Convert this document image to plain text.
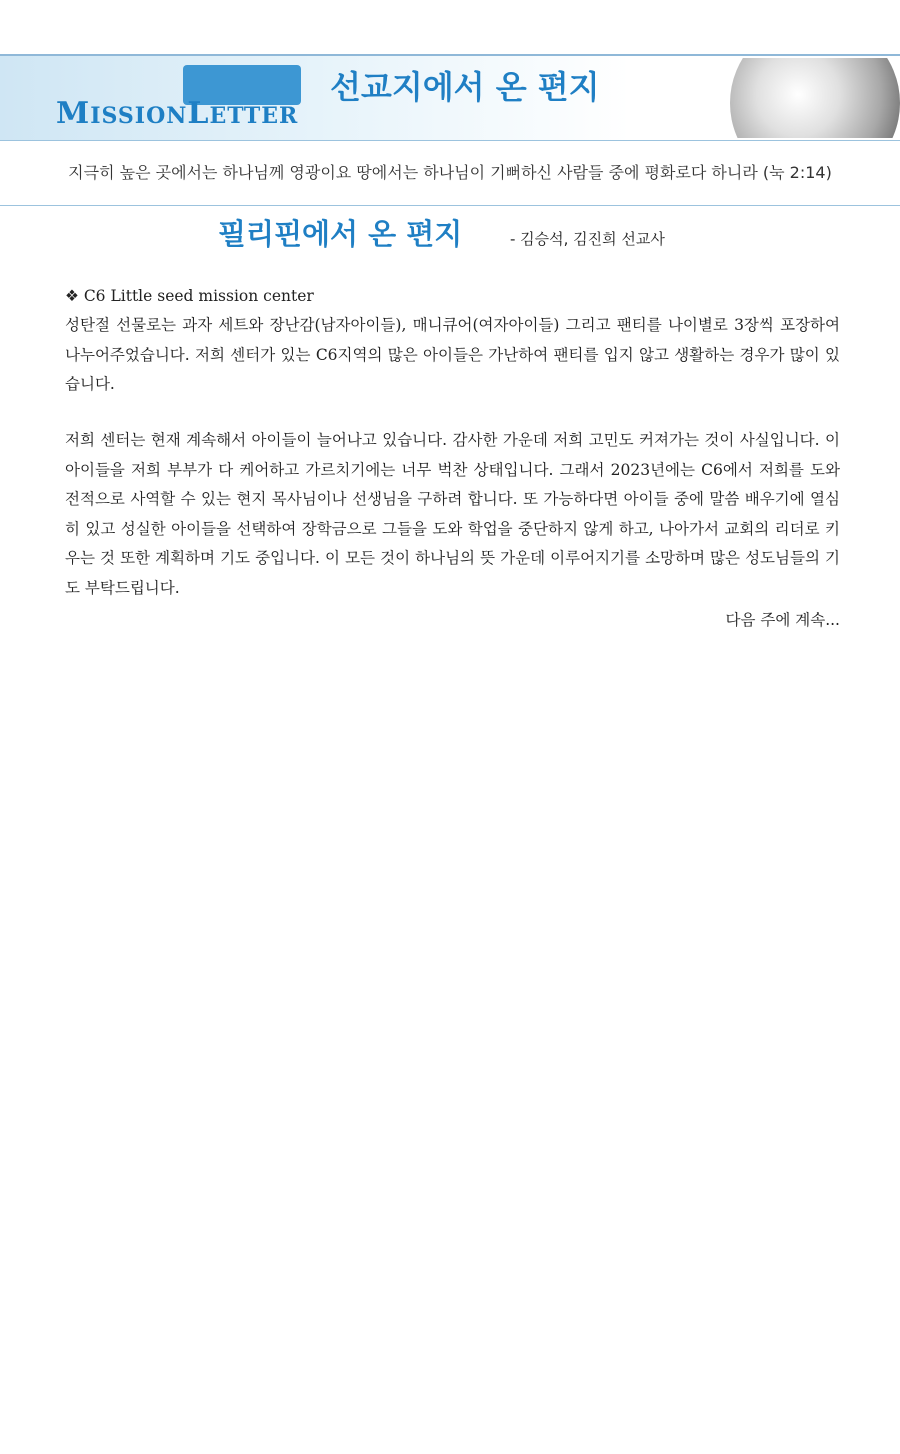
MISSIONLETTER
선교지에서 온 편지
지극히 높은 곳에서는 하나님께 영광이요 땅에서는 하나님이 기뻐하신 사람들 중에 평화로다 하니라 (눅 2:14)
필리핀에서 온 편지	- 김승석, 김진희 선교사
❖ C6 Little seed mission center
성탄절 선물로는 과자 세트와 장난감(남자아이들), 매니큐어(여자아이들) 그리고 팬티를 나이별로 3장씩 포장하여 나누어주었습니다. 저희 센터가 있는 C6지역의 많은 아이들은 가난하여 팬티를 입지 않고 생활하는 경우가 많이 있습니다.
저희 센터는 현재 계속해서 아이들이 늘어나고 있습니다. 감사한 가운데 저희 고민도 커져가는 것이 사실입니다. 이 아이들을 저희 부부가 다 케어하고 가르치기에는 너무 벅찬 상태입니다. 그래서 2023년에는 C6에서 저희를 도와 전적으로 사역할 수 있는 현지 목사님이나 선생님을 구하려 합니다. 또 가능하다면 아이들 중에 말씀 배우기에 열심히 있고 성실한 아이들을 선택하여 장학금으로 그들을 도와 학업을 중단하지 않게 하고, 나아가서 교회의 리더로 키우는 것 또한 계획하며 기도 중입니다. 이 모든 것이 하나님의 뜻 가운데 이루어지기를 소망하며 많은 성도님들의 기도 부탁드립니다.
다음 주에 계속...
